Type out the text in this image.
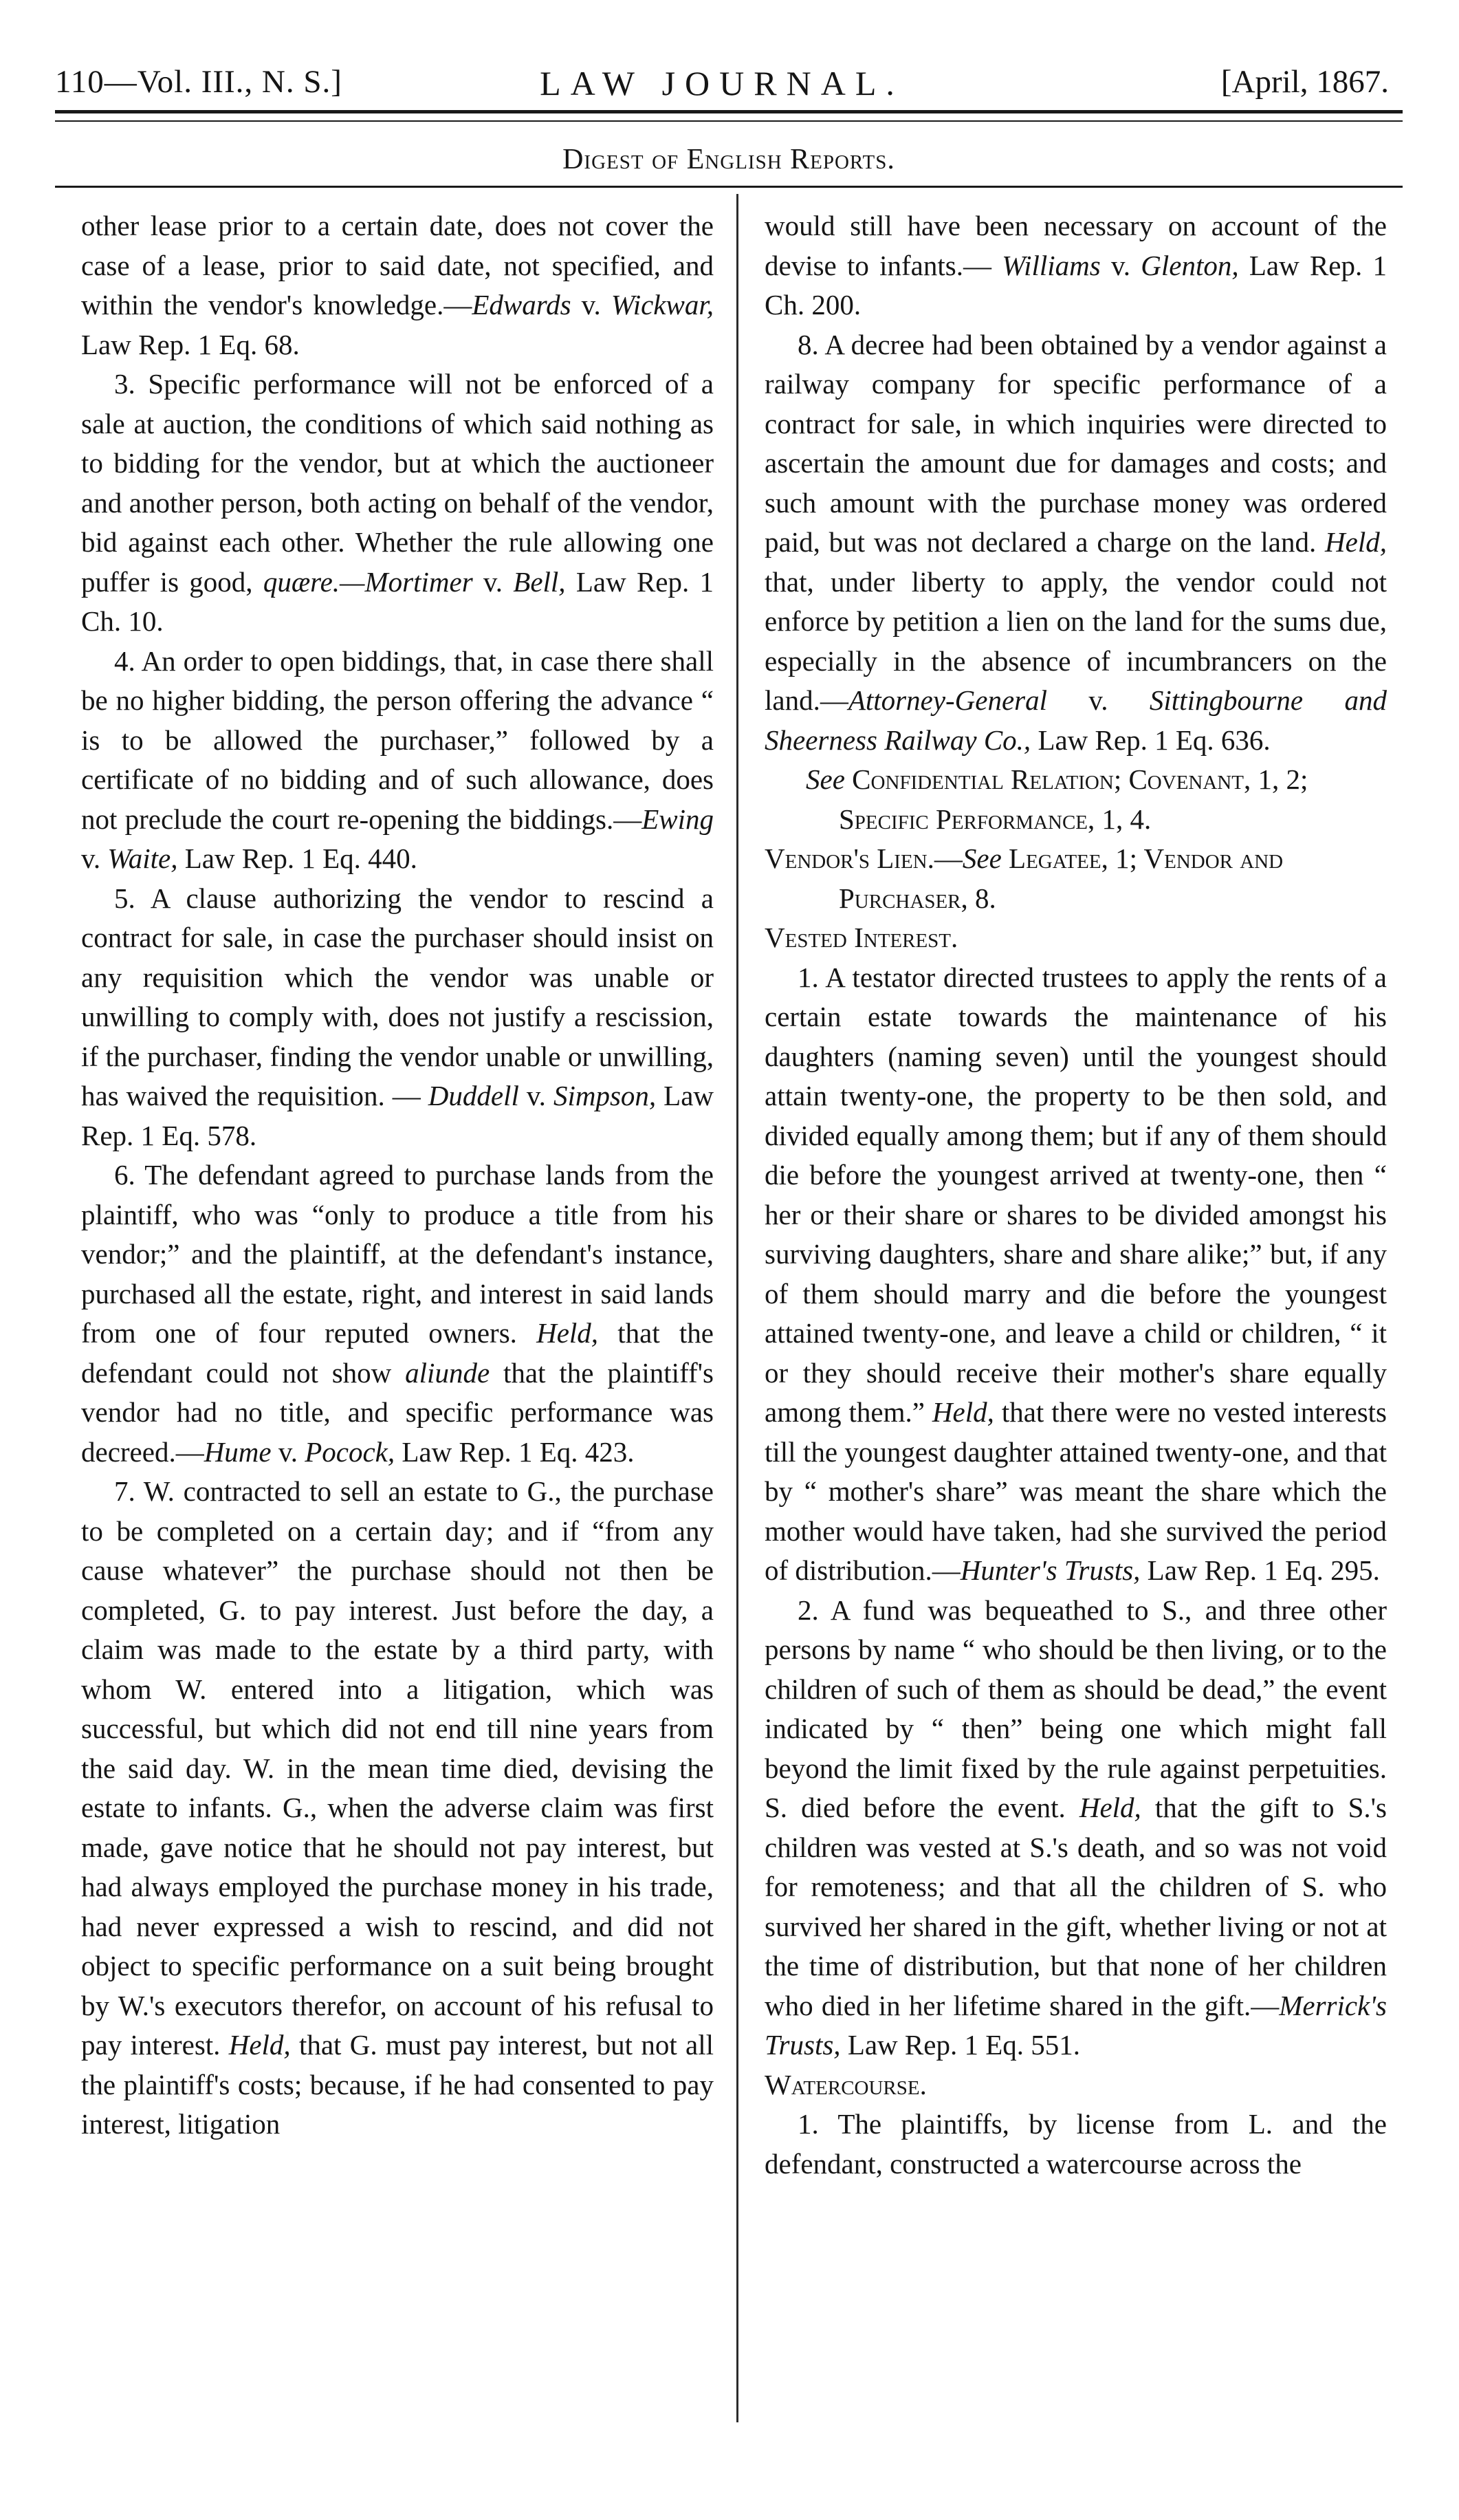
110—Vol. III., N. S.]	LAW JOURNAL.	[April, 1867.
Digest of English Reports.

other lease prior to a certain date, does not cover the case of a lease, prior to said date, not specified, and within the vendor's knowledge.—Edwards v. Wickwar, Law Rep. 1 Eq. 68.

3. Specific performance will not be enforced of a sale at auction, the conditions of which said nothing as to bidding for the vendor, but at which the auctioneer and another person, both acting on behalf of the vendor, bid against each other. Whether the rule allowing one puffer is good, quære.—Mortimer v. Bell, Law Rep. 1 Ch. 10.

4. An order to open biddings, that, in case there shall be no higher bidding, the person offering the advance “ is to be allowed the purchaser,” followed by a certificate of no bidding and of such allowance, does not preclude the court re-opening the biddings.—Ewing v. Waite, Law Rep. 1 Eq. 440.

5. A clause authorizing the vendor to rescind a contract for sale, in case the purchaser should insist on any requisition which the vendor was unable or unwilling to comply with, does not justify a rescission, if the purchaser, finding the vendor unable or unwilling, has waived the requisition. — Duddell v. Simpson, Law Rep. 1 Eq. 578.

6. The defendant agreed to purchase lands from the plaintiff, who was “only to produce a title from his vendor;” and the plaintiff, at the defendant's instance, purchased all the estate, right, and interest in said lands from one of four reputed owners. Held, that the defendant could not show aliunde that the plaintiff's vendor had no title, and specific performance was decreed.—Hume v. Pocock, Law Rep. 1 Eq. 423.

7. W. contracted to sell an estate to G., the purchase to be completed on a certain day; and if “from any cause whatever” the purchase should not then be completed, G. to pay interest. Just before the day, a claim was made to the estate by a third party, with whom W. entered into a litigation, which was successful, but which did not end till nine years from the said day. W. in the mean time died, devising the estate to infants. G., when the adverse claim was first made, gave notice that he should not pay interest, but had always employed the purchase money in his trade, had never expressed a wish to rescind, and did not object to specific performance on a suit being brought by W.'s executors therefor, on account of his refusal to pay interest. Held, that G. must pay interest, but not all the plaintiff's costs; because, if he had consented to pay interest, litigation

would still have been necessary on account of the devise to infants.— Williams v. Glenton, Law Rep. 1 Ch. 200.

8. A decree had been obtained by a vendor against a railway company for specific performance of a contract for sale, in which inquiries were directed to ascertain the amount due for damages and costs; and such amount with the purchase money was ordered paid, but was not declared a charge on the land. Held, that, under liberty to apply, the vendor could not enforce by petition a lien on the land for the sums due, especially in the absence of incumbrancers on the land.—Attorney-General v. Sittingbourne and Sheerness Railway Co., Law Rep. 1 Eq. 636.

See Confidential Relation; Covenant, 1, 2;
Specific Performance, 1, 4.

Vendor's Lien.—See Legatee, 1; Vendor and
Purchaser, 8.

Vested Interest.

1. A testator directed trustees to apply the rents of a certain estate towards the maintenance of his daughters (naming seven) until the youngest should attain twenty-one, the property to be then sold, and divided equally among them; but if any of them should die before the youngest arrived at twenty-one, then “ her or their share or shares to be divided amongst his surviving daughters, share and share alike;” but, if any of them should marry and die before the youngest attained twenty-one, and leave a child or children, “ it or they should receive their mother's share equally among them.” Held, that there were no vested interests till the youngest daughter attained twenty-one, and that by “ mother's share” was meant the share which the mother would have taken, had she survived the period of distribution.—Hunter's Trusts, Law Rep. 1 Eq. 295.

2. A fund was bequeathed to S., and three other persons by name “ who should be then living, or to the children of such of them as should be dead,” the event indicated by “ then” being one which might fall beyond the limit fixed by the rule against perpetuities. S. died before the event. Held, that the gift to S.'s children was vested at S.'s death, and so was not void for remoteness; and that all the children of S. who survived her shared in the gift, whether living or not at the time of distribution, but that none of her children who died in her lifetime shared in the gift.—Merrick's Trusts, Law Rep. 1 Eq. 551.

Watercourse.

1. The plaintiffs, by license from L. and the defendant, constructed a watercourse across the
